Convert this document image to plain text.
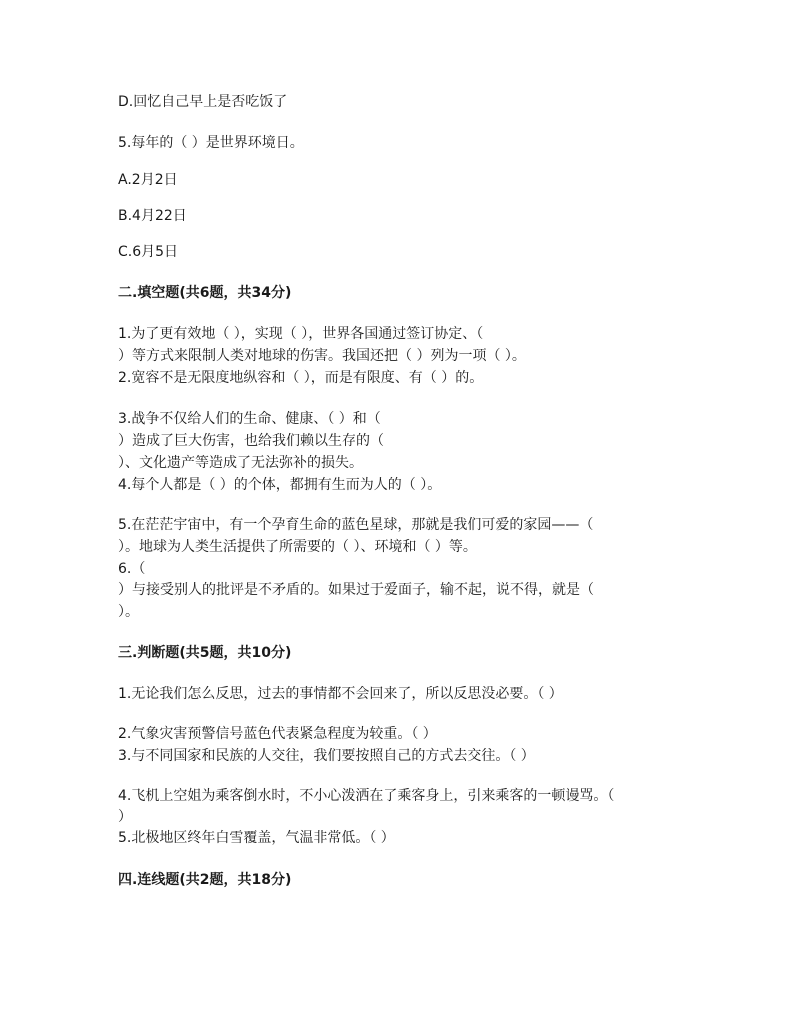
D.回忆自己早上是否吃饭了
5.每年的（ ）是世界环境日。
A.2月2日
B.4月22日
C.6月5日
二.填空题(共6题，共34分)
1.为了更有效地（ ），实现（ ），世界各国通过签订协定、（
）等方式来限制人类对地球的伤害。我国还把（ ）列为一项（ ）。
2.宽容不是无限度地纵容和（ ），而是有限度、有（ ）的。
3.战争不仅给人们的生命、健康、（ ）和（
）造成了巨大伤害，也给我们赖以生存的（
）、文化遗产等造成了无法弥补的损失。
4.每个人都是（ ）的个体，都拥有生而为人的（ ）。
5.在茫茫宇宙中，有一个孕育生命的蓝色星球，那就是我们可爱的家园——（
）。地球为人类生活提供了所需要的（ ）、环境和（ ）等。
6.（
）与接受别人的批评是不矛盾的。如果过于爱面子，输不起，说不得，就是（
）。
三.判断题(共5题，共10分)
1.无论我们怎么反思，过去的事情都不会回来了，所以反思没必要。（ ）
2.气象灾害预警信号蓝色代表紧急程度为较重。（ ）
3.与不同国家和民族的人交往，我们要按照自己的方式去交往。（ ）
4.飞机上空姐为乘客倒水时，不小心泼洒在了乘客身上，引来乘客的一顿谩骂。（
）
5.北极地区终年白雪覆盖，气温非常低。（ ）
四.连线题(共2题，共18分)
